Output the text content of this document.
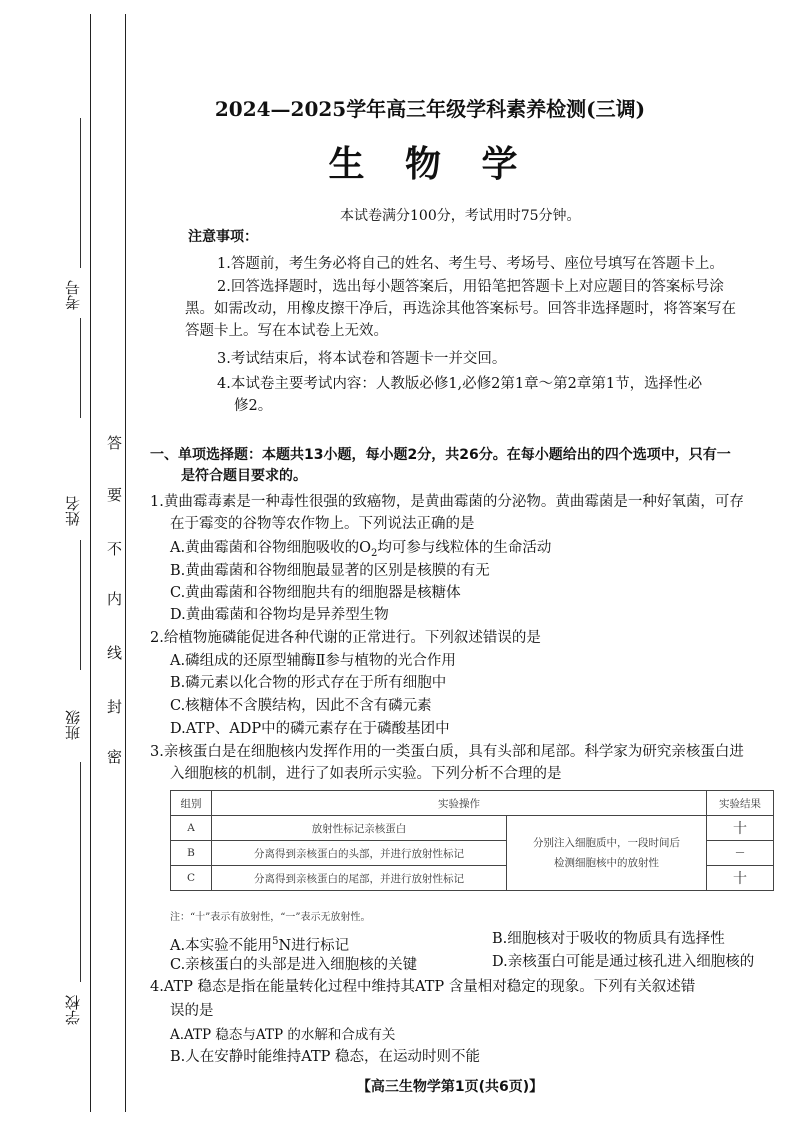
考号
姓名
班级
学校
答
要
不
内
线
封
密
2024—2025学年高三年级学科素养检测(三调)
生 物 学
本试卷满分100分，考试用时75分钟。
注意事项：
1.答题前，考生务必将自己的姓名、考生号、考场号、座位号填写在答题卡上。
2.回答选择题时，选出每小题答案后，用铅笔把答题卡上对应题目的答案标号涂
黑。如需改动，用橡皮擦干净后，再选涂其他答案标号。回答非选择题时，将答案写在
答题卡上。写在本试卷上无效。
3.考试结束后，将本试卷和答题卡一并交回。
4.本试卷主要考试内容：人教版必修1,必修2第1章～第2章第1节，选择性必
修2。
一、单项选择题：本题共13小题，每小题2分，共26分。在每小题给出的四个选项中，只有一
是符合题目要求的。
1.黄曲霉毒素是一种毒性很强的致癌物，是黄曲霉菌的分泌物。黄曲霉菌是一种好氧菌，可存
在于霉变的谷物等农作物上。下列说法正确的是
A.黄曲霉菌和谷物细胞吸收的$O_2$均可参与线粒体的生命活动
B.黄曲霉菌和谷物细胞最显著的区别是核膜的有无
C.黄曲霉菌和谷物细胞共有的细胞器是核糖体
D.黄曲霉菌和谷物均是异养型生物
2.给植物施磷能促进各种代谢的正常进行。下列叙述错误的是
A.磷组成的还原型辅酶Ⅱ参与植物的光合作用
B.磷元素以化合物的形式存在于所有细胞中
C.核糖体不含膜结构，因此不含有磷元素
D.ATP、ADP中的磷元素存在于磷酸基团中
3.亲核蛋白是在细胞核内发挥作用的一类蛋白质，具有头部和尾部。科学家为研究亲核蛋白进
入细胞核的机制，进行了如表所示实验。下列分析不合理的是
组别	实验操作		实验结果
A	放射性标记亲核蛋白	分别注入细胞质中，一段时间后
检测细胞核中的放射性	十
B	分离得到亲核蛋白的头部，并进行放射性标记		—
C	分离得到亲核蛋白的尾部，并进行放射性标记		十
注：“十”表示有放射性，“一”表示无放射性。
A.本实验不能用$^5$N进行标记	B.细胞核对于吸收的物质具有选择性
C.亲核蛋白的头部是进入细胞核的关键	D.亲核蛋白可能是通过核孔进入细胞核的
4.ATP 稳态是指在能量转化过程中维持其ATP 含量相对稳定的现象。下列有关叙述错
误的是
A.ATP 稳态与ATP 的水解和合成有关
B.人在安静时能维持ATP 稳态，在运动时则不能
【高三生物学第1页(共6页)】
